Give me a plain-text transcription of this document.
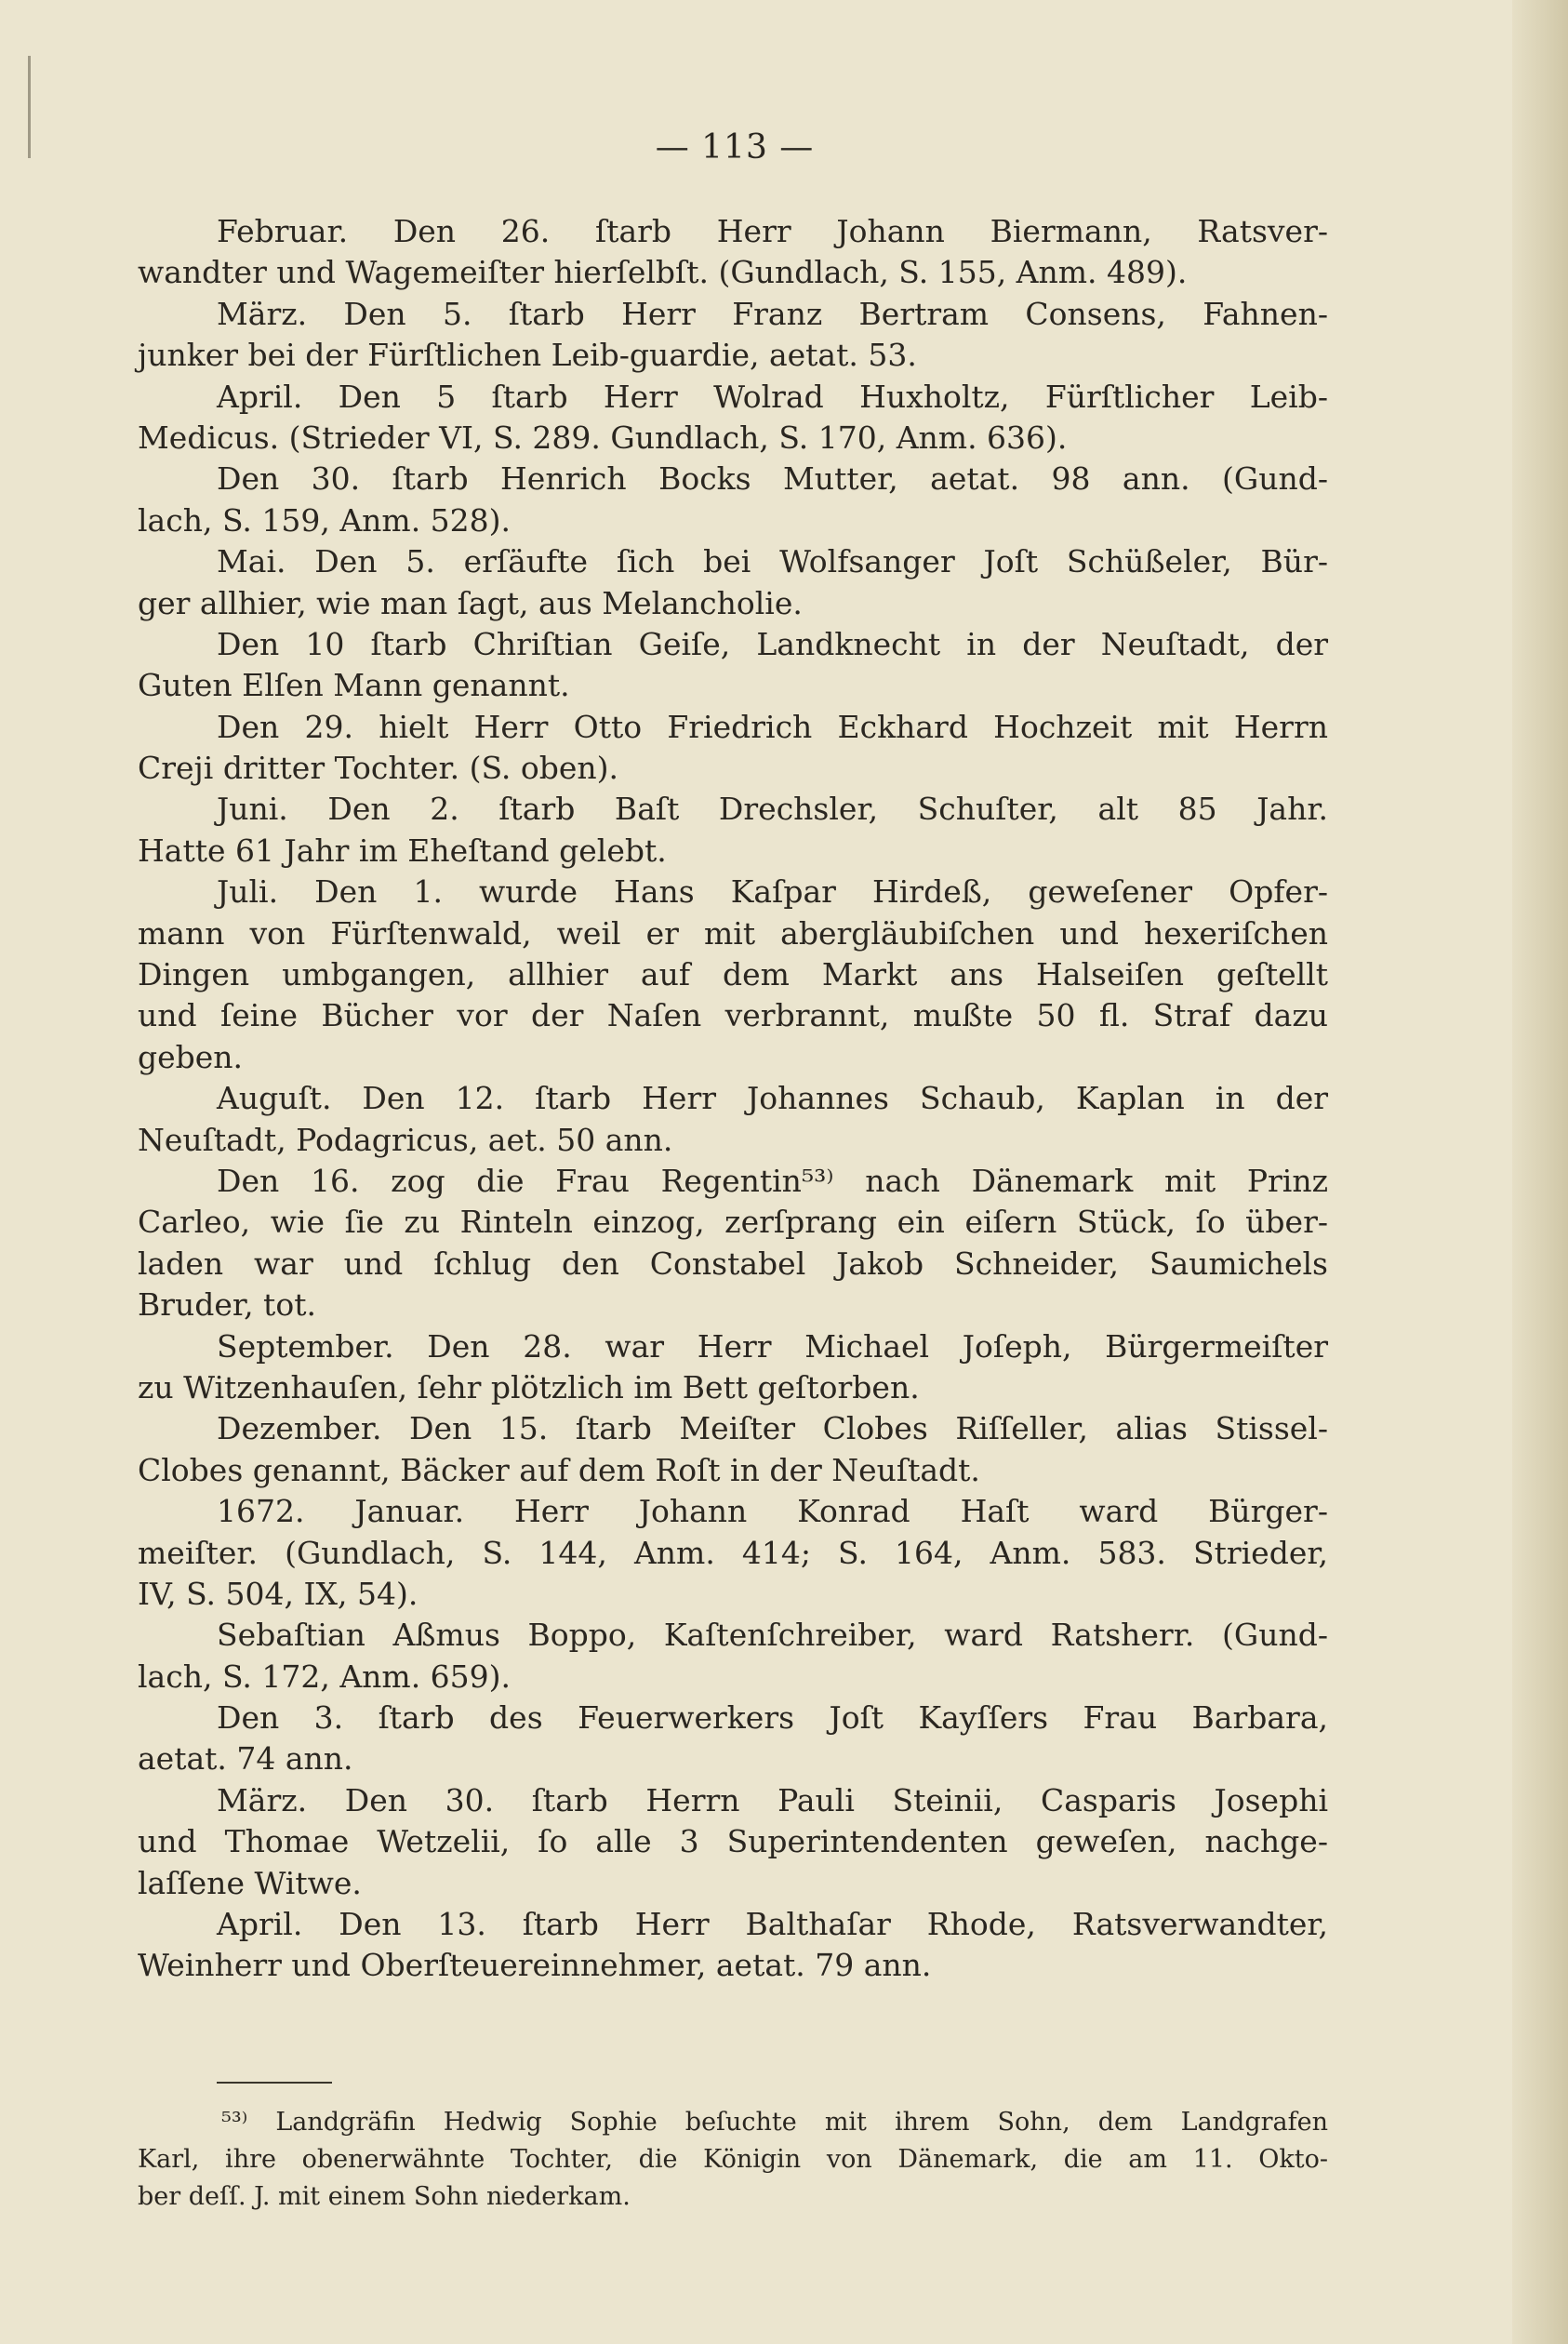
— 113 —
Februar. Den 26. ſtarb Herr Johann Biermann, Ratsver-
wandter und Wagemeiſter hierſelbſt. (Gundlach, S. 155, Anm. 489).
März. Den 5. ſtarb Herr Franz Bertram Consens, Fahnen-
junker bei der Fürſtlichen Leib-guardie, aetat. 53.
April. Den 5 ſtarb Herr Wolrad Huxholtz, Fürſtlicher Leib-
Medicus. (Strieder VI, S. 289. Gundlach, S. 170, Anm. 636).
Den 30. ſtarb Henrich Bocks Mutter, aetat. 98 ann. (Gund-
lach, S. 159, Anm. 528).
Mai. Den 5. erſäufte ſich bei Wolfsanger Joſt Schüßeler, Bür-
ger allhier, wie man ſagt, aus Melancholie.
Den 10 ſtarb Chriſtian Geiſe, Landknecht in der Neuſtadt, der
Guten Elſen Mann genannt.
Den 29. hielt Herr Otto Friedrich Eckhard Hochzeit mit Herrn
Creji dritter Tochter. (S. oben).
Juni. Den 2. ſtarb Baſt Drechsler, Schuſter, alt 85 Jahr.
Hatte 61 Jahr im Eheſtand gelebt.
Juli. Den 1. wurde Hans Kaſpar Hirdeß, geweſener Opfer-
mann von Fürſtenwald, weil er mit abergläubiſchen und hexeriſchen
Dingen umbgangen, allhier auf dem Markt ans Halseiſen geſtellt
und ſeine Bücher vor der Naſen verbrannt, mußte 50 fl. Straf dazu
geben.
Auguſt. Den 12. ſtarb Herr Johannes Schaub, Kaplan in der
Neuſtadt, Podagricus, aet. 50 ann.
Den 16. zog die Frau Regentin⁵³⁾ nach Dänemark mit Prinz
Carleo, wie ſie zu Rinteln einzog, zerſprang ein eiſern Stück, ſo über-
laden war und ſchlug den Constabel Jakob Schneider, Saumichels
Bruder, tot.
September. Den 28. war Herr Michael Joſeph, Bürgermeiſter
zu Witzenhauſen, ſehr plötzlich im Bett geſtorben.
Dezember. Den 15. ſtarb Meiſter Clobes Riſſeller, alias Stissel-
Clobes genannt, Bäcker auf dem Roſt in der Neuſtadt.
1672. Januar. Herr Johann Konrad Haſt ward Bürger-
meiſter. (Gundlach, S. 144, Anm. 414; S. 164, Anm. 583. Strieder,
IV, S. 504, IX, 54).
Sebaſtian Aßmus Boppo, Kaſtenſchreiber, ward Ratsherr. (Gund-
lach, S. 172, Anm. 659).
Den 3. ſtarb des Feuerwerkers Joſt Kayſſers Frau Barbara,
aetat. 74 ann.
März. Den 30. ſtarb Herrn Pauli Steinii, Casparis Josephi
und Thomae Wetzelii, ſo alle 3 Superintendenten geweſen, nachge-
laſſene Witwe.
April. Den 13. ſtarb Herr Balthaſar Rhode, Ratsverwandter,
Weinherr und Oberſteuereinnehmer, aetat. 79 ann.
⁵³⁾ Landgräfin Hedwig Sophie beſuchte mit ihrem Sohn, dem Landgrafen
Karl, ihre obenerwähnte Tochter, die Königin von Dänemark, die am 11. Okto-
ber deſſ. J. mit einem Sohn niederkam.
